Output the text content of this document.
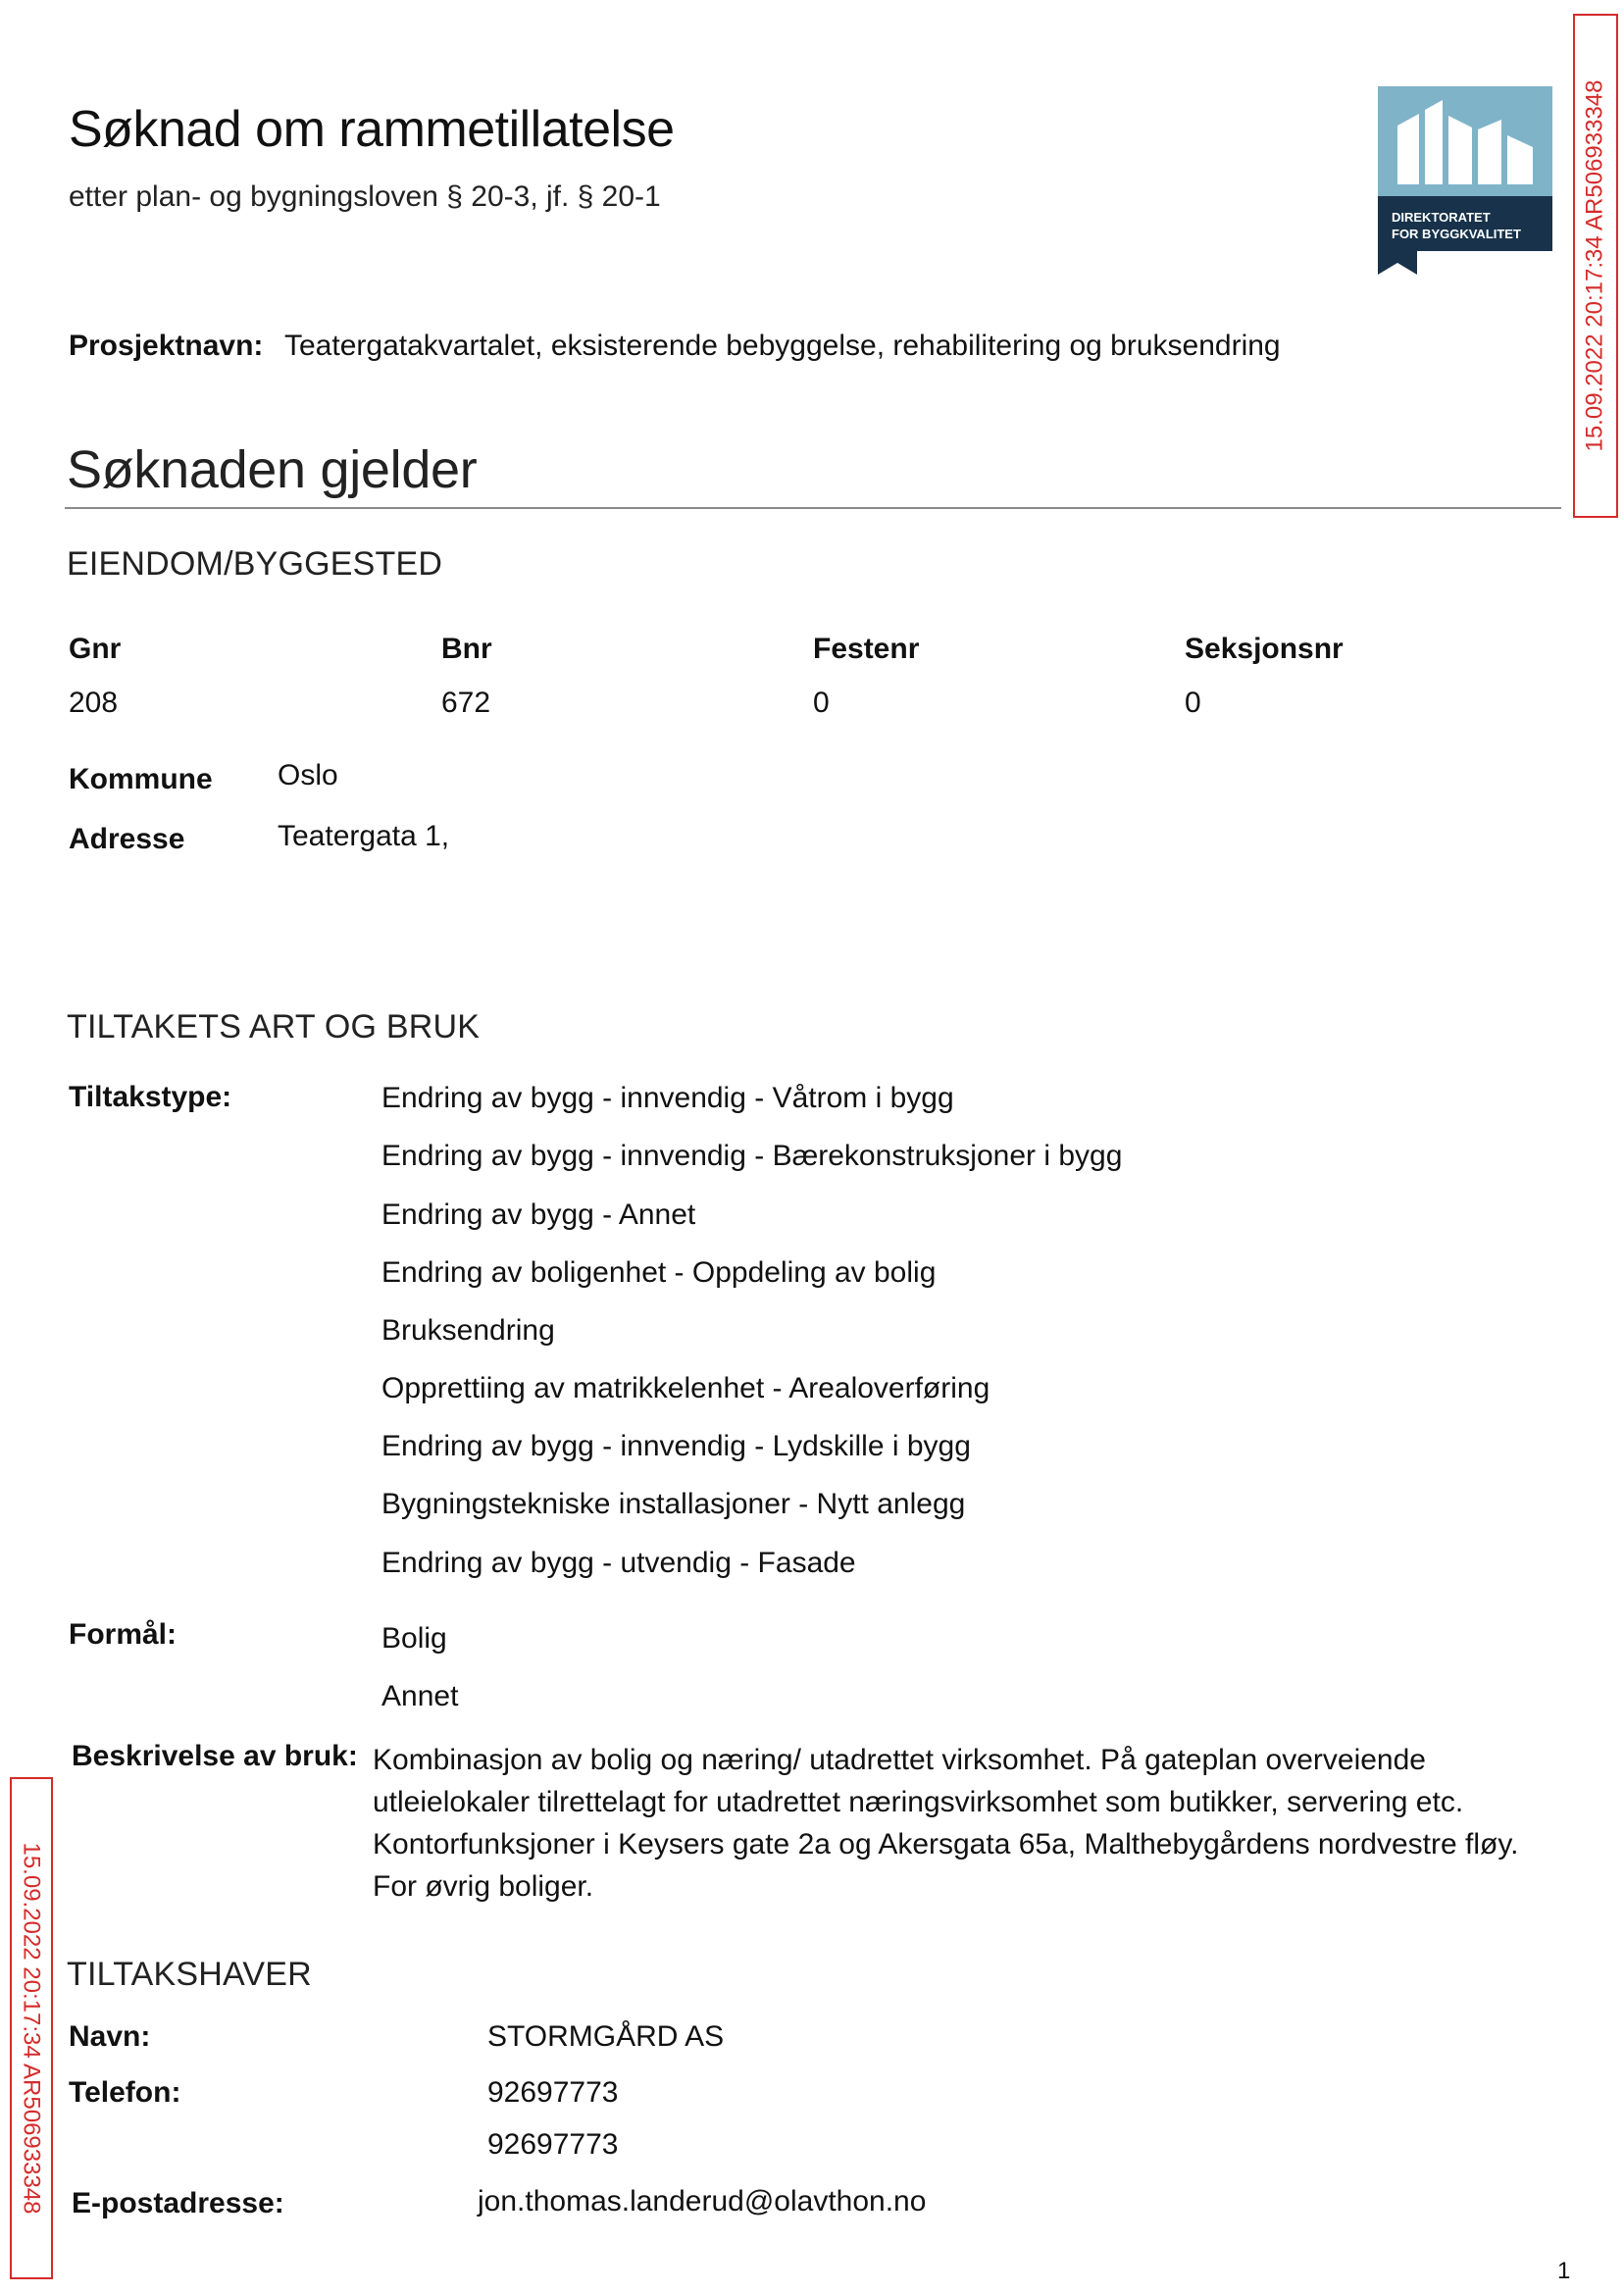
Søknad om rammetillatelse
etter plan- og bygningsloven § 20-3, jf. § 20-1
DIREKTORATET
FOR BYGGKVALITET	15.09.2022 20:17:34 AR506933348
15.09.2022 20:17:34 AR506933348
Prosjektnavn: Teatergatakvartalet, eksisterende bebyggelse, rehabilitering og bruksendring
Søknaden gjelder
EIENDOM/BYGGESTED
Gnr	Bnr	Festenr	Seksjonsnr
208	672	0	0
Kommune Oslo
Adresse	Teatergata 1,
TILTAKETS ART OG BRUK
Tiltakstype:	Endring av bygg - innvendig - Våtrom i bygg
Endring av bygg - innvendig - Bærekonstruksjoner i bygg
Endring av bygg - Annet
Endring av boligenhet - Oppdeling av bolig
Bruksendring
Opprettiing av matrikkelenhet - Arealoverføring
Endring av bygg - innvendig - Lydskille i bygg
Bygningstekniske installasjoner - Nytt anlegg
Endring av bygg - utvendig - Fasade
Formål:	Bolig
Annet
Beskrivelse av bruk: Kombinasjon av bolig og næring/ utadrettet virksomhet. På gateplan overveiende utleielokaler tilrettelagt for utadrettet næringsvirksomhet som butikker, servering etc. Kontorfunksjoner i Keysers gate 2a og Akersgata 65a, Malthebygårdens nordvestre fløy. For øvrig boliger.
TILTAKSHAVER
Navn:	STORMGÅRD AS
Telefon:	92697773
92697773
E-postadresse:	jon.thomas.landerud@olavthon.no
1
